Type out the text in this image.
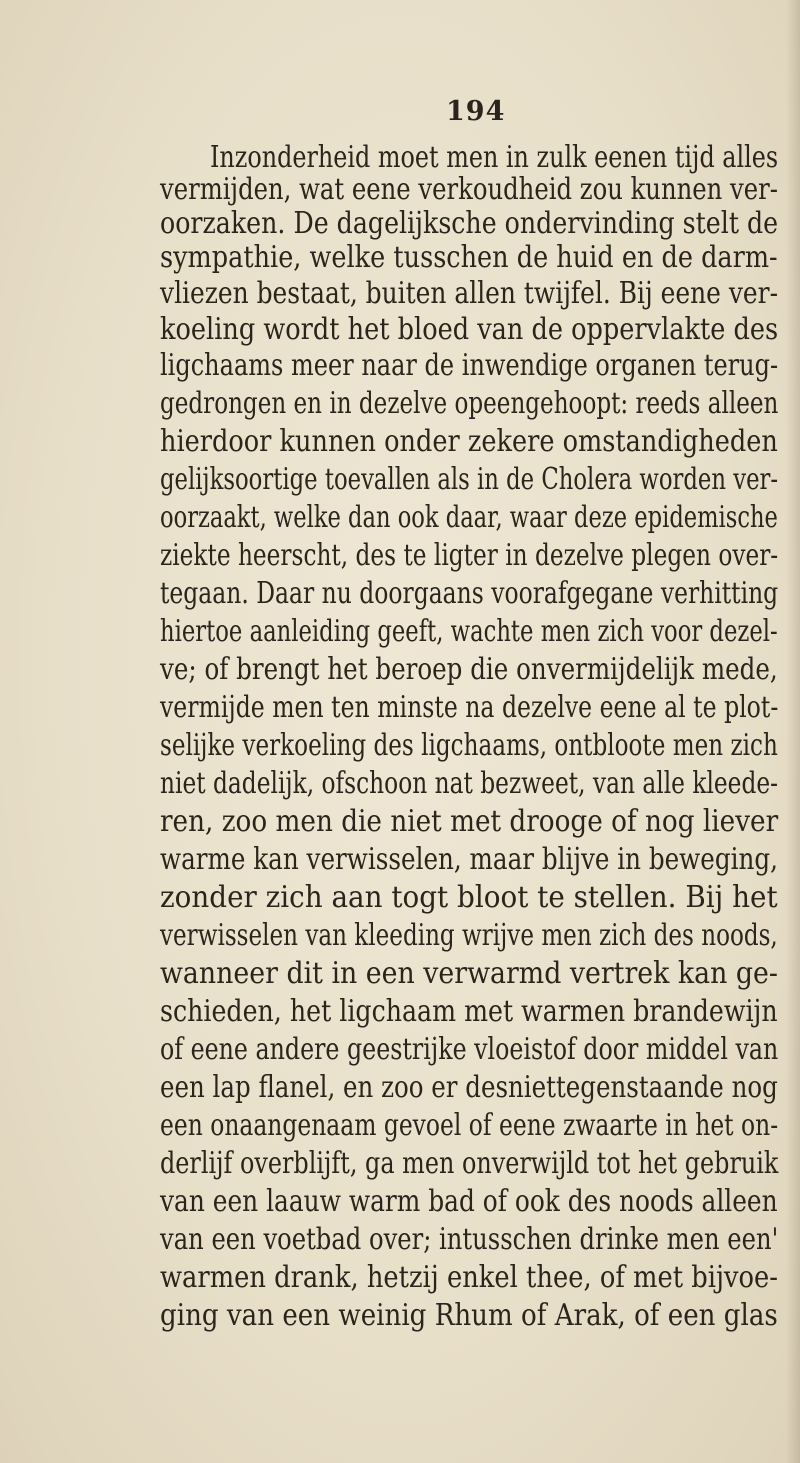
194
Inzonderheid moet men in zulk eenen tijd alles
vermijden, wat eene verkoudheid zou kunnen ver-
oorzaken. De dagelijksche ondervinding stelt de
sympathie, welke tusschen de huid en de darm-
vliezen bestaat, buiten allen twijfel. Bij eene ver-
koeling wordt het bloed van de oppervlakte des
ligchaams meer naar de inwendige organen terug-
gedrongen en in dezelve opeengehoopt: reeds alleen
hierdoor kunnen onder zekere omstandigheden
gelijksoortige toevallen als in de Cholera worden ver-
oorzaakt, welke dan ook daar, waar deze epidemische
ziekte heerscht, des te ligter in dezelve plegen over-
tegaan. Daar nu doorgaans voorafgegane verhitting
hiertoe aanleiding geeft, wachte men zich voor dezel-
ve; of brengt het beroep die onvermijdelijk mede,
vermijde men ten minste na dezelve eene al te plot-
selijke verkoeling des ligchaams, ontbloote men zich
niet dadelijk, ofschoon nat bezweet, van alle kleede-
ren, zoo men die niet met drooge of nog liever
warme kan verwisselen, maar blijve in beweging,
zonder zich aan togt bloot te stellen. Bij het
verwisselen van kleeding wrijve men zich des noods,
wanneer dit in een verwarmd vertrek kan ge-
schieden, het ligchaam met warmen brandewijn
of eene andere geestrijke vloeistof door middel van
een lap flanel, en zoo er desniettegenstaande nog
een onaangenaam gevoel of eene zwaarte in het on-
derlijf overblijft, ga men onverwijld tot het gebruik
van een laauw warm bad of ook des noods alleen
van een voetbad over; intusschen drinke men een'
warmen drank, hetzij enkel thee, of met bijvoe-
ging van een weinig Rhum of Arak, of een glas
